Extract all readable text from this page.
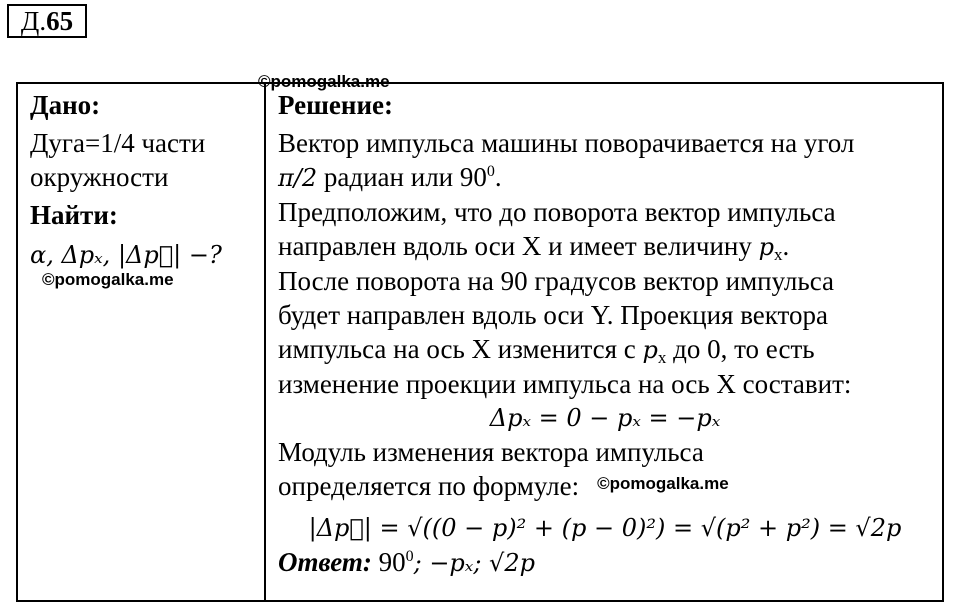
Д.65
©pomogalka.me
Дано:
Дуга=1/4 части
окружности
Найти:
α, Δpₓ, |Δp⃗| −?
©pomogalka.me

Решение:
Вектор импульса машины поворачивается на угол
π/2 радиан или $90^0$.
Предположим, что до поворота вектор импульса
направлен вдоль оси X и имеет величину $p_x$.
После поворота на 90 градусов вектор импульса
будет направлен вдоль оси Y. Проекция вектора
импульса на ось X изменится с $p_x$ до 0, то есть
изменение проекции импульса на ось X составит:
Δpₓ = 0 − pₓ = −pₓ
Модуль изменения вектора импульса
определяется по формуле: $^{©pomogalka.me}$
|Δp⃗| = √((0 − p)² + (p − 0)²) = √(p² + p²) = √2p
Ответ: $90^0$; −pₓ; √2p
